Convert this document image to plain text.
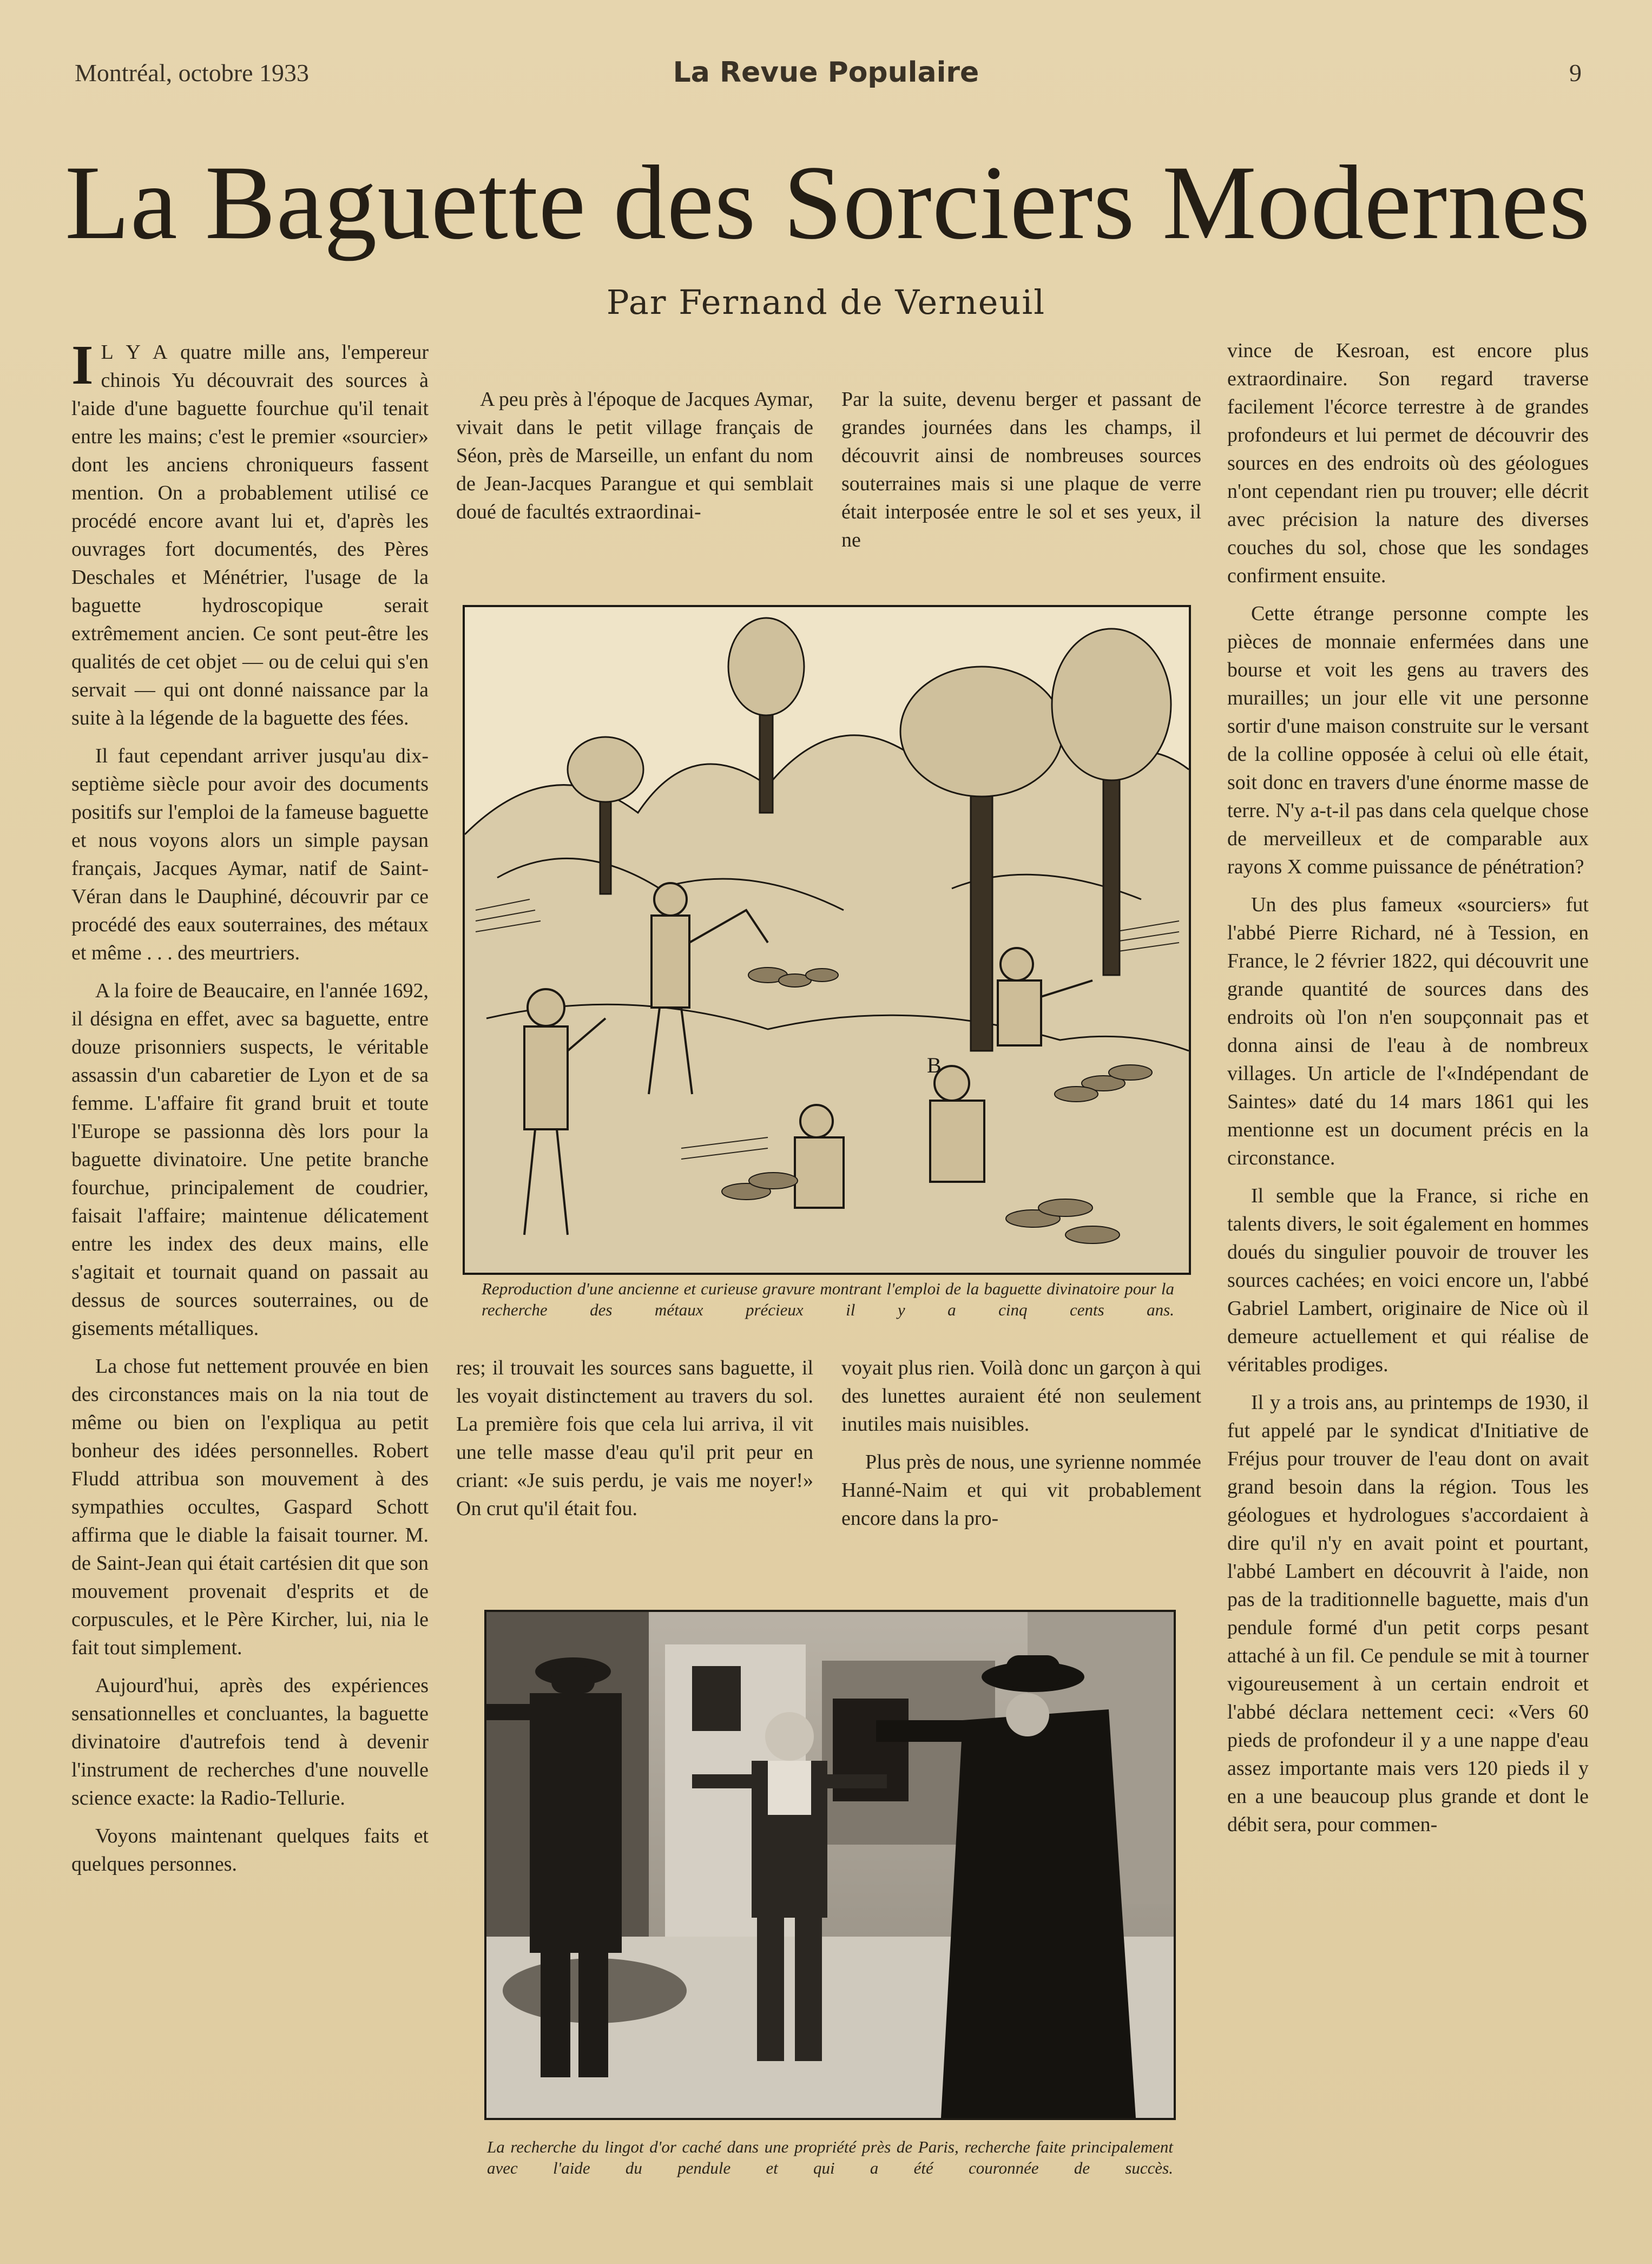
Montréal, octobre 1933	La Revue Populaire	9
La Baguette des Sorciers Modernes
Par Fernand de Verneuil

IL Y A quatre mille ans, l'empereur chinois Yu découvrait des sources à l'aide d'une baguette fourchue qu'il tenait entre les mains; c'est le premier «sourcier» dont les anciens chroniqueurs fassent mention. On a probablement utilisé ce procédé encore avant lui et, d'après les ouvrages fort documentés, des Pères Deschales et Ménétrier, l'usage de la baguette hydroscopique serait extrêmement ancien. Ce sont peut-être les qualités de cet objet — ou de celui qui s'en servait — qui ont donné naissance par la suite à la légende de la baguette des fées.

Il faut cependant arriver jusqu'au dix-septième siècle pour avoir des documents positifs sur l'emploi de la fameuse baguette et nous voyons alors un simple paysan français, Jacques Aymar, natif de Saint-Véran dans le Dauphiné, découvrir par ce procédé des eaux souterraines, des métaux et même . . . des meurtriers.

A la foire de Beaucaire, en l'année 1692, il désigna en effet, avec sa baguette, entre douze prisonniers suspects, le véritable assassin d'un cabaretier de Lyon et de sa femme. L'affaire fit grand bruit et toute l'Europe se passionna dès lors pour la baguette divinatoire. Une petite branche fourchue, principalement de coudrier, faisait l'affaire; maintenue délicatement entre les index des deux mains, elle s'agitait et tournait quand on passait au dessus de sources souterraines, ou de gisements métalliques.

La chose fut nettement prouvée en bien des circonstances mais on la nia tout de même ou bien on l'expliqua au petit bonheur des idées personnelles. Robert Fludd attribua son mouvement à des sympathies occultes, Gaspard Schott affirma que le diable la faisait tourner. M. de Saint-Jean qui était cartésien dit que son mouvement provenait d'esprits et de corpuscules, et le Père Kircher, lui, nia le fait tout simplement.

Aujourd'hui, après des expériences sensationnelles et concluantes, la baguette divinatoire d'autrefois tend à devenir l'instrument de recherches d'une nouvelle science exacte: la Radio-Tellurie.

Voyons maintenant quelques faits et quelques personnes.

A peu près à l'époque de Jacques Aymar, vivait dans le petit village français de Séon, près de Marseille, un enfant du nom de Jean-Jacques Parangue et qui semblait doué de facultés extraordinai-

Par la suite, devenu berger et passant de grandes journées dans les champs, il découvrit ainsi de nombreuses sources souterraines mais si une plaque de verre était interposée entre le sol et ses yeux, il ne

B
Reproduction d'une ancienne et curieuse gravure montrant l'emploi de la baguette divinatoire pour la recherche des métaux précieux il y a cinq cents ans.

res; il trouvait les sources sans baguette, il les voyait distinctement au travers du sol. La première fois que cela lui arriva, il vit une telle masse d'eau qu'il prit peur en criant: «Je suis perdu, je vais me noyer!» On crut qu'il était fou.

voyait plus rien. Voilà donc un garçon à qui des lunettes auraient été non seulement inutiles mais nuisibles.

Plus près de nous, une syrienne nommée Hanné-Naim et qui vit probablement encore dans la pro-

La recherche du lingot d'or caché dans une propriété près de Paris, recherche faite principalement avec l'aide du pendule et qui a été couronnée de succès.

vince de Kesroan, est encore plus extraordinaire. Son regard traverse facilement l'écorce terrestre à de grandes profondeurs et lui permet de découvrir des sources en des endroits où des géologues n'ont cependant rien pu trouver; elle décrit avec précision la nature des diverses couches du sol, chose que les sondages confirment ensuite.

Cette étrange personne compte les pièces de monnaie enfermées dans une bourse et voit les gens au travers des murailles; un jour elle vit une personne sortir d'une maison construite sur le versant de la colline opposée à celui où elle était, soit donc en travers d'une énorme masse de terre. N'y a-t-il pas dans cela quelque chose de merveilleux et de comparable aux rayons X comme puissance de pénétration?

Un des plus fameux «sourciers» fut l'abbé Pierre Richard, né à Tession, en France, le 2 février 1822, qui découvrit une grande quantité de sources dans des endroits où l'on n'en soupçonnait pas et donna ainsi de l'eau à de nombreux villages. Un article de l'«Indépendant de Saintes» daté du 14 mars 1861 qui les mentionne est un document précis en la circonstance.

Il semble que la France, si riche en talents divers, le soit également en hommes doués du singulier pouvoir de trouver les sources cachées; en voici encore un, l'abbé Gabriel Lambert, originaire de Nice où il demeure actuellement et qui réalise de véritables prodiges.

Il y a trois ans, au printemps de 1930, il fut appelé par le syndicat d'Initiative de Fréjus pour trouver de l'eau dont on avait grand besoin dans la région. Tous les géologues et hydrologues s'accordaient à dire qu'il n'y en avait point et pourtant, l'abbé Lambert en découvrit à l'aide, non pas de la traditionnelle baguette, mais d'un pendule formé d'un petit corps pesant attaché à un fil. Ce pendule se mit à tourner vigoureusement à un certain endroit et l'abbé déclara nettement ceci: «Vers 60 pieds de profondeur il y a une nappe d'eau assez importante mais vers 120 pieds il y en a une beaucoup plus grande et dont le débit sera, pour commen-
